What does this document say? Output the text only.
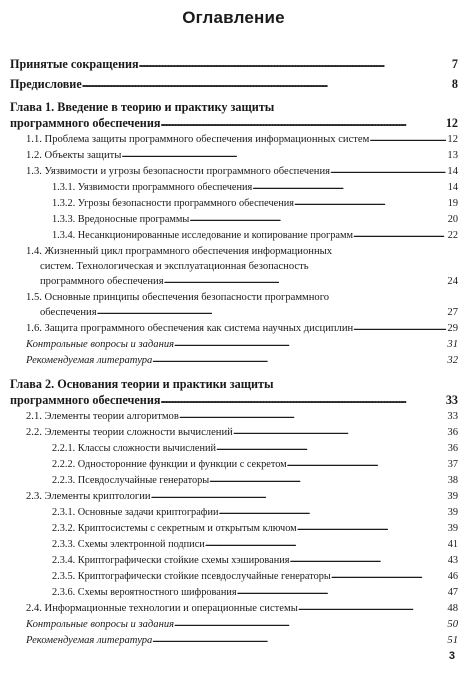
Оглавление
Принятые сокращения . . .	7
Предисловие . . .	8
Глава 1. Введение в теорию и практику защиты
программного обеспечения . . .	12
1.1. Проблема защиты программного обеспечения информационных систем . . .	12
1.2. Объекты защиты . . .	13
1.3. Уязвимости и угрозы безопасности программного обеспечения . . .	14
1.3.1. Уязвимости программного обеспечения . . .	14
1.3.2. Угрозы безопасности программного обеспечения . . .	19
1.3.3. Вредоносные программы . . .	20
1.3.4. Несанкционированные исследование и копирование программ . . .	22
1.4. Жизненный цикл программного обеспечения информационных
систем. Технологическая и эксплуатационная безопасность
программного обеспечения . . .	24
1.5. Основные принципы обеспечения безопасности программного
обеспечения . . .	27
1.6. Защита программного обеспечения как система научных дисциплин . . .	29
Контрольные вопросы и задания . . .	31
Рекомендуемая литература . . .	32
Глава 2. Основания теории и практики защиты
программного обеспечения . . .	33
2.1. Элементы теории алгоритмов . . .	33
2.2. Элементы теории сложности вычислений . . .	36
2.2.1. Классы сложности вычислений . . .	36
2.2.2. Односторонние функции и функции с секретом . . .	37
2.2.3. Псевдослучайные генераторы . . .	38
2.3. Элементы криптологии . . .	39
2.3.1. Основные задачи криптографии . . .	39
2.3.2. Криптосистемы с секретным и открытым ключом . . .	39
2.3.3. Схемы электронной подписи . . .	41
2.3.4. Криптографически стойкие схемы хэширования . . .	43
2.3.5. Криптографически стойкие псевдослучайные генераторы . . .	46
2.3.6. Схемы вероятностного шифрования . . .	47
2.4. Информационные технологии и операционные системы . . .	48
Контрольные вопросы и задания . . .	50
Рекомендуемая литература . . .	51
3
